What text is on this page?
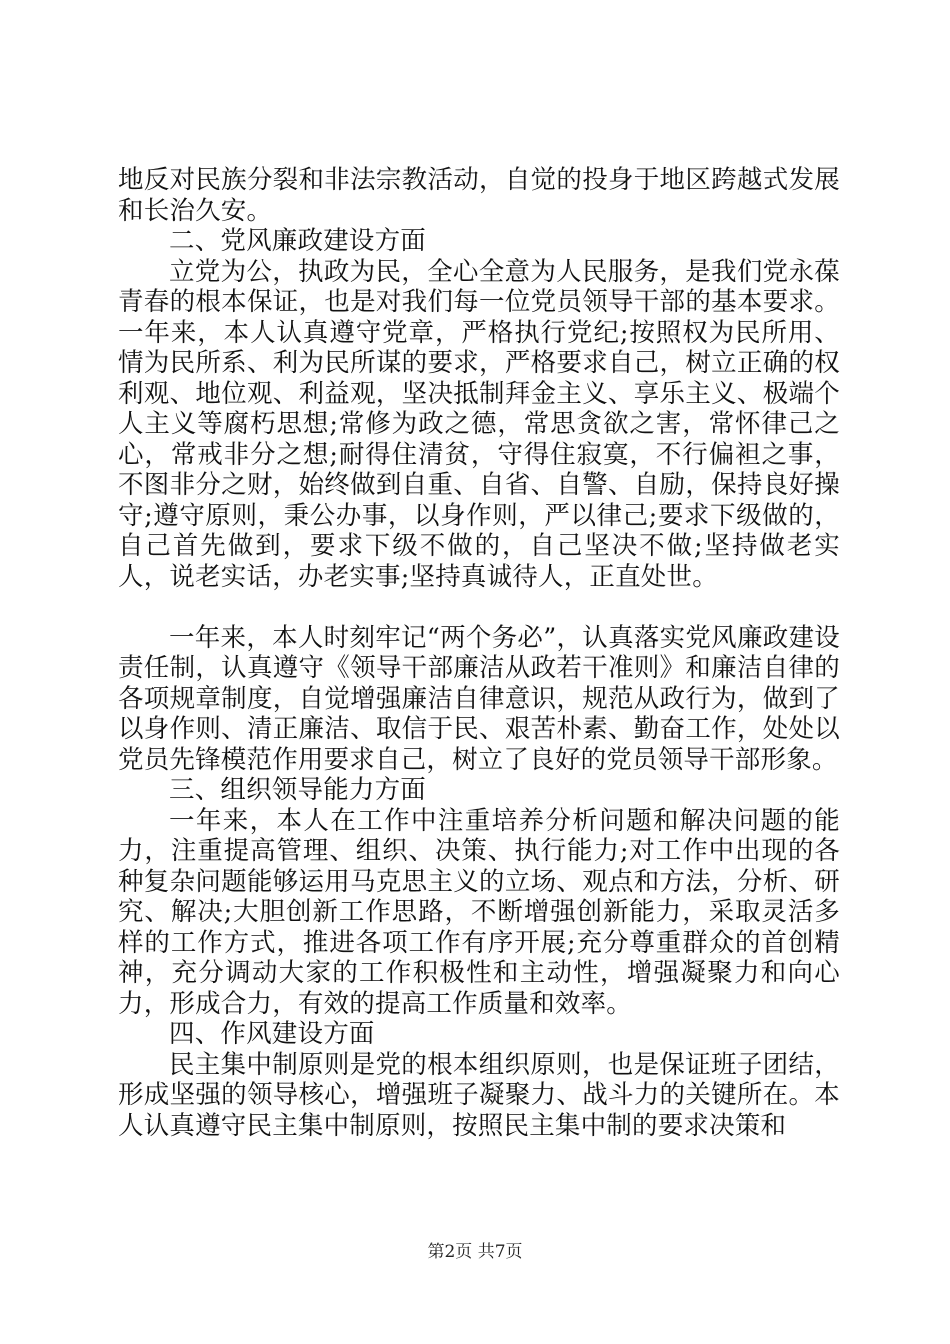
地反对民族分裂和非法宗教活动，自觉的投身于地区跨越式发展和长治久安。

二、党风廉政建设方面

立党为公，执政为民，全心全意为人民服务，是我们党永葆青春的根本保证，也是对我们每一位党员领导干部的基本要求。一年来，本人认真遵守党章，严格执行党纪;按照权为民所用、情为民所系、利为民所谋的要求，严格要求自己，树立正确的权利观、地位观、利益观，坚决抵制拜金主义、享乐主义、极端个人主义等腐朽思想;常修为政之德，常思贪欲之害，常怀律己之心，常戒非分之想;耐得住清贫，守得住寂寞，不行偏袒之事，不图非分之财，始终做到自重、自省、自警、自励，保持良好操守;遵守原则，秉公办事，以身作则，严以律己;要求下级做的，自己首先做到，要求下级不做的，自己坚决不做;坚持做老实人，说老实话，办老实事;坚持真诚待人，正直处世。

一年来，本人时刻牢记“两个务必”，认真落实党风廉政建设责任制，认真遵守《领导干部廉洁从政若干准则》和廉洁自律的各项规章制度，自觉增强廉洁自律意识，规范从政行为，做到了以身作则、清正廉洁、取信于民、艰苦朴素、勤奋工作，处处以党员先锋模范作用要求自己，树立了良好的党员领导干部形象。

三、组织领导能力方面

一年来，本人在工作中注重培养分析问题和解决问题的能力，注重提高管理、组织、决策、执行能力;对工作中出现的各种复杂问题能够运用马克思主义的立场、观点和方法，分析、研究、解决;大胆创新工作思路，不断增强创新能力，采取灵活多样的工作方式，推进各项工作有序开展;充分尊重群众的首创精神，充分调动大家的工作积极性和主动性，增强凝聚力和向心力，形成合力，有效的提高工作质量和效率。

四、作风建设方面

民主集中制原则是党的根本组织原则，也是保证班子团结，形成坚强的领导核心，增强班子凝聚力、战斗力的关键所在。本人认真遵守民主集中制原则，按照民主集中制的要求决策和

第2页 共7页
